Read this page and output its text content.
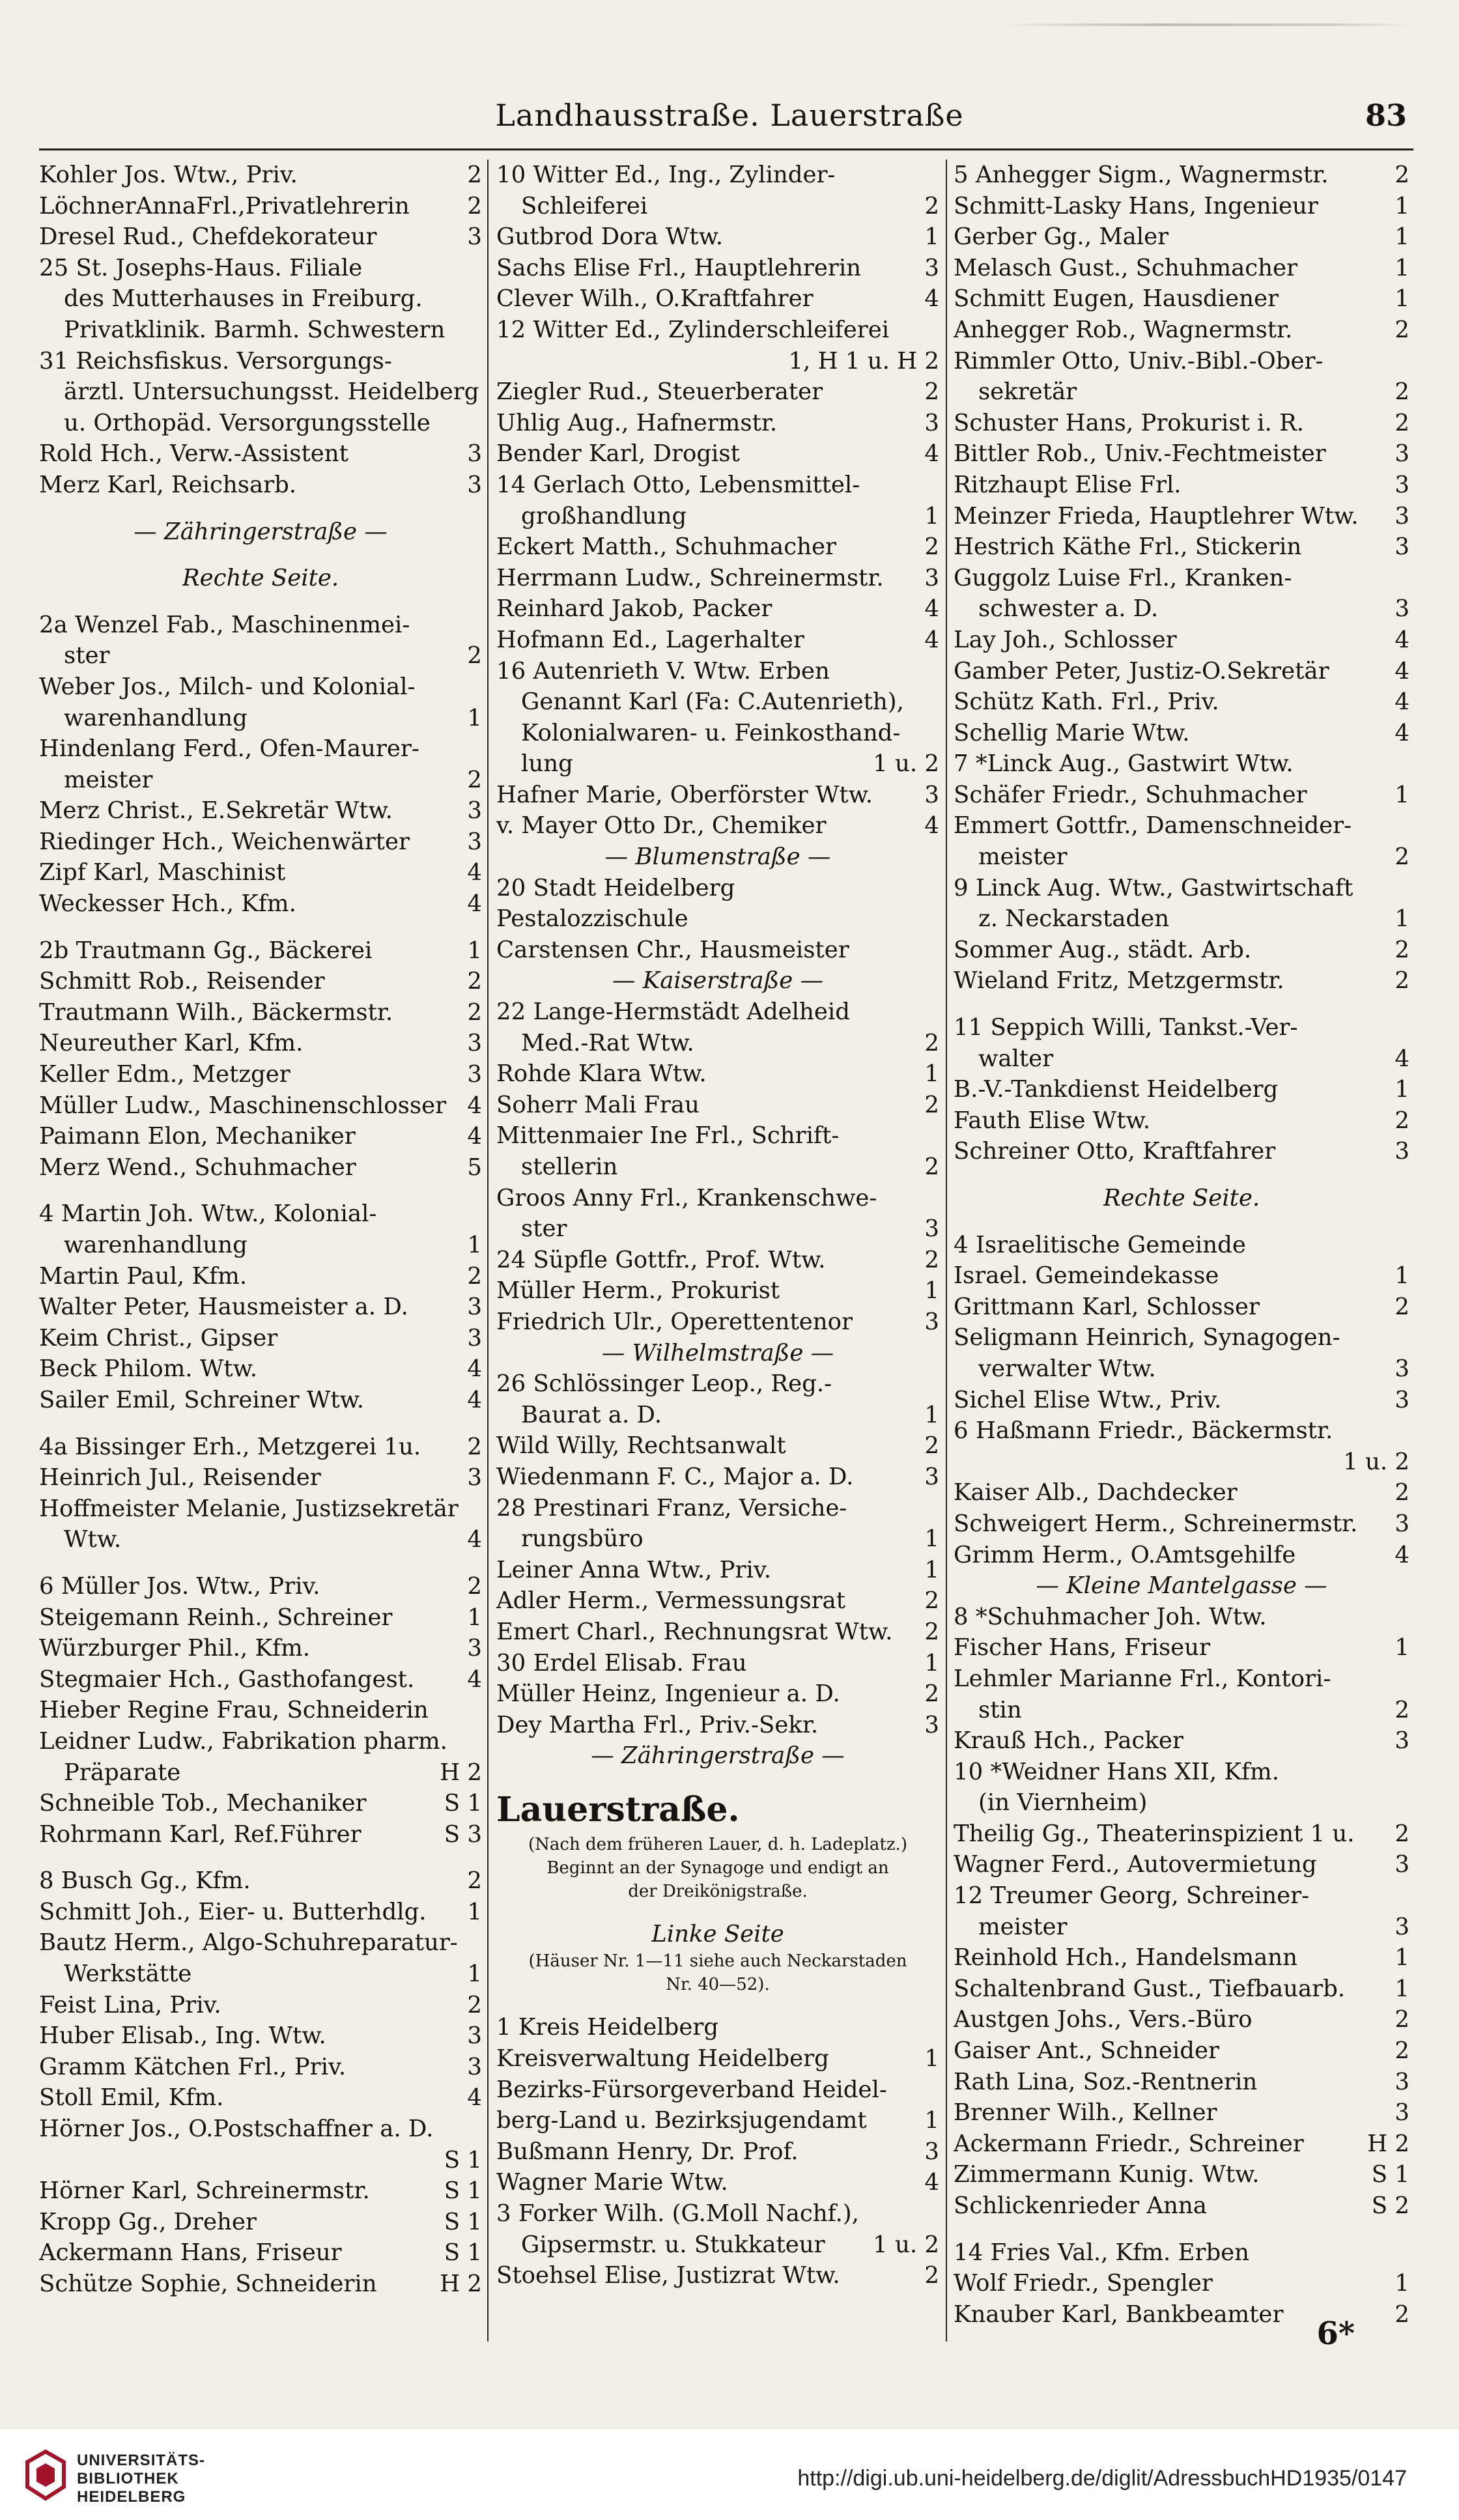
Landhausstraße. Lauerstraße	83
Kohler Jos. Wtw., Priv.	2
LöchnerAnnaFrl.,Privatlehrerin	2
Dresel Rud., Chefdekorateur	3
25 St. Josephs-Haus. Filiale
des Mutterhauses in Freiburg.
Privatklinik. Barmh. Schwestern
31 Reichsfiskus. Versorgungs-
ärztl. Untersuchungsst. Heidelberg
u. Orthopäd. Versorgungsstelle
Rold Hch., Verw.-Assistent	3
Merz Karl, Reichsarb.	3
— Zähringerstraße —
Rechte Seite.
2a Wenzel Fab., Maschinenmei-
ster	2
Weber Jos., Milch- und Kolonial-
warenhandlung	1
Hindenlang Ferd., Ofen-Maurer-
meister	2
Merz Christ., E.Sekretär Wtw.	3
Riedinger Hch., Weichenwärter	3
Zipf Karl, Maschinist	4
Weckesser Hch., Kfm.	4
2b Trautmann Gg., Bäckerei	1
Schmitt Rob., Reisender	2
Trautmann Wilh., Bäckermstr.	2
Neureuther Karl, Kfm.	3
Keller Edm., Metzger	3
Müller Ludw., Maschinenschlosser 4
Paimann Elon, Mechaniker	4
Merz Wend., Schuhmacher	5
4 Martin Joh. Wtw., Kolonial-
warenhandlung	1
Martin Paul, Kfm.	2
Walter Peter, Hausmeister a. D.	3
Keim Christ., Gipser	3
Beck Philom. Wtw.	4
Sailer Emil, Schreiner Wtw.	4
4a Bissinger Erh., Metzgerei 1u.	2
Heinrich Jul., Reisender	3
Hoffmeister Melanie, Justizsekretär
Wtw.	4
6 Müller Jos. Wtw., Priv.	2
Steigemann Reinh., Schreiner	1
Würzburger Phil., Kfm.	3
Stegmaier Hch., Gasthofangest.	4
Hieber Regine Frau, Schneiderin
Leidner Ludw., Fabrikation pharm.
Präparate	H 2
Schneible Tob., Mechaniker	S 1
Rohrmann Karl, Ref.Führer	S 3
8 Busch Gg., Kfm.	2
Schmitt Joh., Eier- u. Butterhdlg.	1
Bautz Herm., Algo-Schuhreparatur-
Werkstätte	1
Feist Lina, Priv.	2
Huber Elisab., Ing. Wtw.	3
Gramm Kätchen Frl., Priv.	3
Stoll Emil, Kfm.	4
Hörner Jos., O.Postschaffner a. D.
S 1
Hörner Karl, Schreinermstr.	S 1
Kropp Gg., Dreher	S 1
Ackermann Hans, Friseur	S 1
Schütze Sophie, Schneiderin	H 2
10 Witter Ed., Ing., Zylinder-
Schleiferei	2
Gutbrod Dora Wtw.	1
Sachs Elise Frl., Hauptlehrerin	3
Clever Wilh., O.Kraftfahrer	4
12 Witter Ed., Zylinderschleiferei
1, H 1 u. H 2
Ziegler Rud., Steuerberater	2
Uhlig Aug., Hafnermstr.	3
Bender Karl, Drogist	4
14 Gerlach Otto, Lebensmittel-
großhandlung	1
Eckert Matth., Schuhmacher	2
Herrmann Ludw., Schreinermstr.	3
Reinhard Jakob, Packer	4
Hofmann Ed., Lagerhalter	4
16 Autenrieth V. Wtw. Erben
Genannt Karl (Fa: C.Autenrieth),
Kolonialwaren- u. Feinkosthand-
lung	1 u. 2
Hafner Marie, Oberförster Wtw.	3
v. Mayer Otto Dr., Chemiker	4
— Blumenstraße —
20 Stadt Heidelberg
Pestalozzischule
Carstensen Chr., Hausmeister
— Kaiserstraße —
22 Lange-Hermstädt Adelheid
Med.-Rat Wtw.	2
Rohde Klara Wtw.	1
Soherr Mali Frau	2
Mittenmaier Ine Frl., Schrift-
stellerin	2
Groos Anny Frl., Krankenschwe-
ster	3
24 Süpfle Gottfr., Prof. Wtw.	2
Müller Herm., Prokurist	1
Friedrich Ulr., Operettentenor	3
— Wilhelmstraße —
26 Schlössinger Leop., Reg.-
Baurat a. D.	1
Wild Willy, Rechtsanwalt	2
Wiedenmann F. C., Major a. D.	3
28 Prestinari Franz, Versiche-
rungsbüro	1
Leiner Anna Wtw., Priv.	1
Adler Herm., Vermessungsrat	2
Emert Charl., Rechnungsrat Wtw.	2
30 Erdel Elisab. Frau	1
Müller Heinz, Ingenieur a. D.	2
Dey Martha Frl., Priv.-Sekr.	3
— Zähringerstraße —
Lauerstraße.
(Nach dem früheren Lauer, d. h. Ladeplatz.)
Beginnt an der Synagoge und endigt an
der Dreikönigstraße.
Linke Seite
(Häuser Nr. 1—11 siehe auch Neckarstaden
Nr. 40—52).
1 Kreis Heidelberg
Kreisverwaltung Heidelberg	1
Bezirks-Fürsorgeverband Heidel-
berg-Land u. Bezirksjugendamt	1
Bußmann Henry, Dr. Prof.	3
Wagner Marie Wtw.	4
3 Forker Wilh. (G.Moll Nachf.),
Gipsermstr. u. Stukkateur	1 u. 2
Stoehsel Elise, Justizrat Wtw.	2
5 Anhegger Sigm., Wagnermstr.	2
Schmitt-Lasky Hans, Ingenieur	1
Gerber Gg., Maler	1
Melasch Gust., Schuhmacher	1
Schmitt Eugen, Hausdiener	1
Anhegger Rob., Wagnermstr.	2
Rimmler Otto, Univ.-Bibl.-Ober-
sekretär	2
Schuster Hans, Prokurist i. R.	2
Bittler Rob., Univ.-Fechtmeister	3
Ritzhaupt Elise Frl.	3
Meinzer Frieda, Hauptlehrer Wtw.	3
Hestrich Käthe Frl., Stickerin	3
Guggolz Luise Frl., Kranken-
schwester a. D.	3
Lay Joh., Schlosser	4
Gamber Peter, Justiz-O.Sekretär	4
Schütz Kath. Frl., Priv.	4
Schellig Marie Wtw.	4
7 *Linck Aug., Gastwirt Wtw.
Schäfer Friedr., Schuhmacher	1
Emmert Gottfr., Damenschneider-
meister	2
9 Linck Aug. Wtw., Gastwirtschaft
z. Neckarstaden	1
Sommer Aug., städt. Arb.	2
Wieland Fritz, Metzgermstr.	2
11 Seppich Willi, Tankst.-Ver-
walter	4
B.-V.-Tankdienst Heidelberg	1
Fauth Elise Wtw.	2
Schreiner Otto, Kraftfahrer	3
Rechte Seite.
4 Israelitische Gemeinde
Israel. Gemeindekasse	1
Grittmann Karl, Schlosser	2
Seligmann Heinrich, Synagogen-
verwalter Wtw.	3
Sichel Elise Wtw., Priv.	3
6 Haßmann Friedr., Bäckermstr.
1 u. 2
Kaiser Alb., Dachdecker	2
Schweigert Herm., Schreinermstr.	3
Grimm Herm., O.Amtsgehilfe	4
— Kleine Mantelgasse —
8 *Schuhmacher Joh. Wtw.
Fischer Hans, Friseur	1
Lehmler Marianne Frl., Kontori-
stin	2
Krauß Hch., Packer	3
10 *Weidner Hans XII, Kfm.
(in Viernheim)
Theilig Gg., Theaterinspizient 1 u.	2
Wagner Ferd., Autovermietung	3
12 Treumer Georg, Schreiner-
meister	3
Reinhold Hch., Handelsmann	1
Schaltenbrand Gust., Tiefbauarb.	1
Austgen Johs., Vers.-Büro	2
Gaiser Ant., Schneider	2
Rath Lina, Soz.-Rentnerin	3
Brenner Wilh., Kellner	3
Ackermann Friedr., Schreiner	H 2
Zimmermann Kunig. Wtw.	S 1
Schlickenrieder Anna	S 2
14 Fries Val., Kfm. Erben
Wolf Friedr., Spengler	1
Knauber Karl, Bankbeamter	2
6*
UNIVERSITÄTS-
BIBLIOTHEK
HEIDELBERG
http://digi.ub.uni-heidelberg.de/diglit/AdressbuchHD1935/0147
